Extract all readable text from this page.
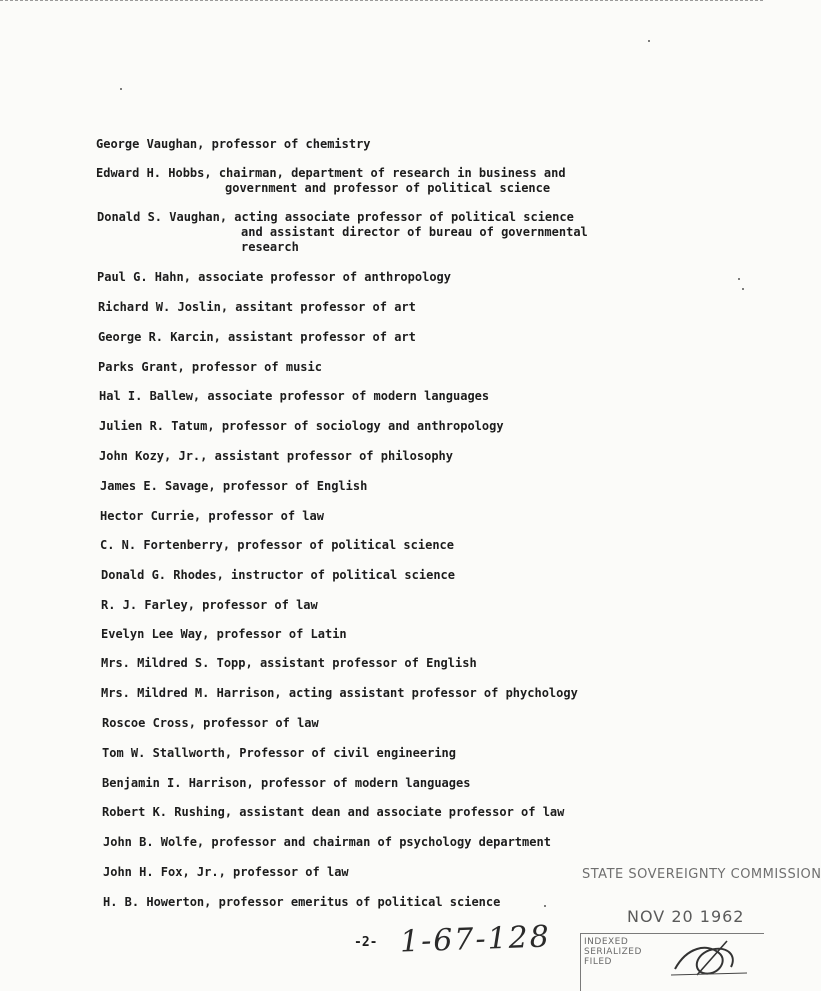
George Vaughan, professor of chemistry

Edward H. Hobbs, chairman, department of research in business and

government and professor of political science

Donald S. Vaughan, acting associate professor of political science

and assistant director of bureau of governmental

research

Paul G. Hahn, associate professor of anthropology

Richard W. Joslin, assitant professor of art

George R. Karcin, assistant professor of art

Parks Grant, professor of music

Hal I. Ballew, associate professor of modern languages

Julien R. Tatum, professor of sociology and anthropology

John Kozy, Jr., assistant professor of philosophy

James E. Savage, professor of English

Hector Currie, professor of law

C. N. Fortenberry, professor of political science

Donald G. Rhodes, instructor of political science

R. J. Farley, professor of law

Evelyn Lee Way, professor of Latin

Mrs. Mildred S. Topp, assistant professor of English

Mrs. Mildred M. Harrison, acting assistant professor of phychology

Roscoe Cross, professor of law

Tom W. Stallworth, Professor of civil engineering

Benjamin I. Harrison, professor of modern languages

Robert K. Rushing, assistant dean and associate professor of law

John B. Wolfe, professor and chairman of psychology department

John H. Fox, Jr., professor of law

H. B. Howerton, professor emeritus of political science

-2- 1-67-128

STATE SOVEREIGNTY COMMISSION

NOV 20 1962

INDEXED

SERIALIZED

FILED
